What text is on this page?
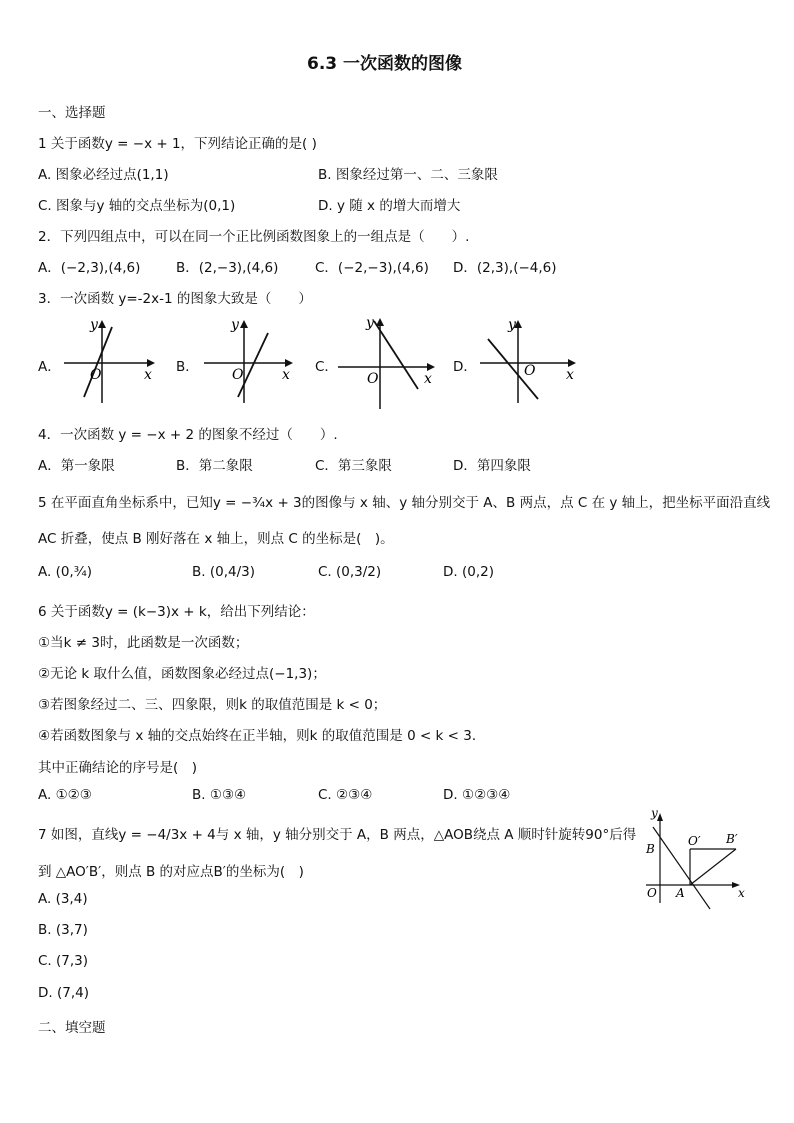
6.3 一次函数的图像
一、选择题
1 关于函数y = −x + 1，下列结论正确的是( )
A. 图象必经过点(1,1)	B. 图象经过第一、二、三象限
C. 图象与y 轴的交点坐标为(0,1)	D. y 随 x 的增大而增大
2．下列四组点中，可以在同一个正比例函数图象上的一组点是（　　）.
A．(−2,3),(4,6)	B．(2,−3),(4,6)	C．(−2,−3),(4,6) D．(2,3),(−4,6)
3．一次函数 y=-2x-1 的图象大致是（　　）
A．
y
x
O	B．
y
x
O	C．
y
x
O
D．
y
x
O
4．一次函数 y = −x + 2 的图象不经过（　　）.
A．第一象限	B．第二象限	C．第三象限	D．第四象限
5 在平面直角坐标系中，已知y = −¾x + 3的图像与 x 轴、y 轴分别交于 A、B 两点，点 C 在 y 轴上，把坐标平面沿直线
AC 折叠，使点 B 刚好落在 x 轴上，则点 C 的坐标是(　)。
A. (0,¾)	B. (0,4/3)	C. (0,3/2)	D. (0,2)
6 关于函数y = (k−3)x + k，给出下列结论：
①当k ≠ 3时，此函数是一次函数；
②无论 k 取什么值，函数图象必经过点(−1,3)；
③若图象经过二、三、四象限，则k 的取值范围是 k < 0；
④若函数图象与 x 轴的交点始终在正半轴，则k 的取值范围是 0 < k < 3．
其中正确结论的序号是(　)
A. ①②③	B. ①③④	C. ②③④	D. ①②③④
7 如图，直线y = −4/3x + 4与 x 轴，y 轴分别交于 A，B 两点，△AOB绕点 A 顺时针旋转90°后得
到 △AO′B′，则点 B 的对应点B′的坐标为(　)
A. (3,4)
B. (3,7)
C. (7,3)
D. (7,4)
y
x
B
O A
O′ B′
二、填空题
